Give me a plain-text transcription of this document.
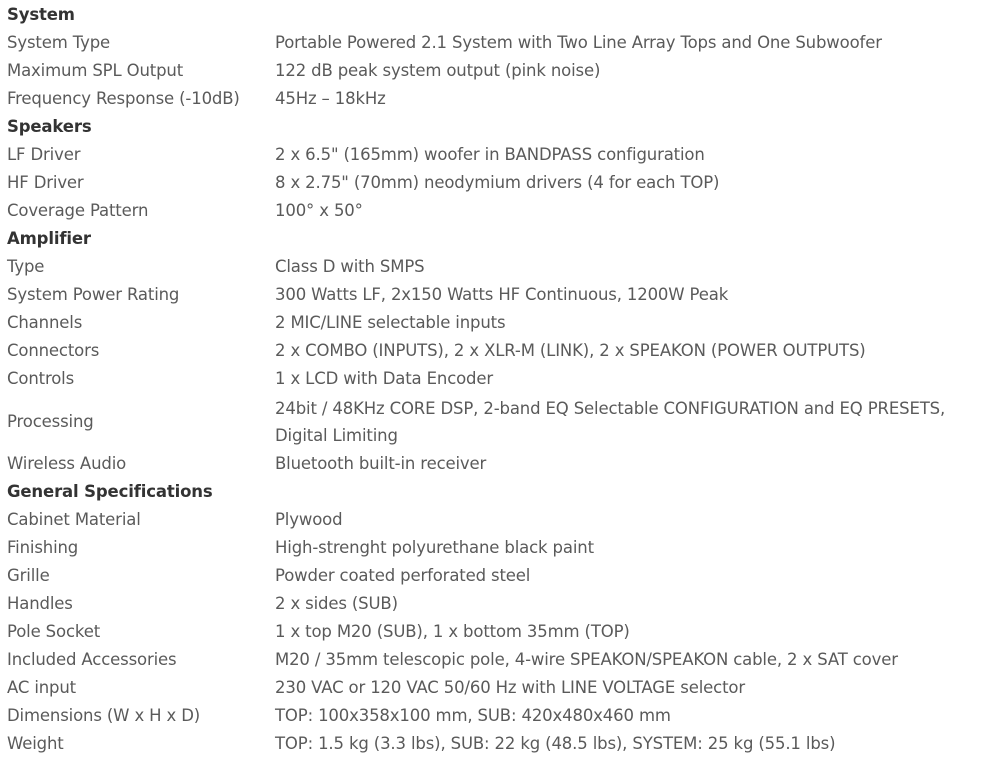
System	
System Type	Portable Powered 2.1 System with Two Line Array Tops and One Subwoofer
Maximum SPL Output	122 dB peak system output (pink noise)
Frequency Response (-10dB)	45Hz – 18kHz
Speakers	
LF Driver	2 x 6.5" (165mm) woofer in BANDPASS configuration
HF Driver	8 x 2.75" (70mm) neodymium drivers (4 for each TOP)
Coverage Pattern	100° x 50°
Amplifier	
Type	Class D with SMPS
System Power Rating	300 Watts LF, 2x150 Watts HF Continuous, 1200W Peak
Channels	2 MIC/LINE selectable inputs
Connectors	2 x COMBO (INPUTS), 2 x XLR-M (LINK), 2 x SPEAKON (POWER OUTPUTS)
Controls	1 x LCD with Data Encoder
Processing	24bit / 48KHz CORE DSP, 2-band EQ Selectable CONFIGURATION and EQ PRESETS,
Digital Limiting

Wireless Audio	Bluetooth built-in receiver
General Specifications	
Cabinet Material	Plywood
Finishing	High-strenght polyurethane black paint
Grille	Powder coated perforated steel
Handles	2 x sides (SUB)
Pole Socket	1 x top M20 (SUB), 1 x bottom 35mm (TOP)
Included Accessories	M20 / 35mm telescopic pole, 4-wire SPEAKON/SPEAKON cable, 2 x SAT cover
AC input	230 VAC or 120 VAC 50/60 Hz with LINE VOLTAGE selector
Dimensions (W x H x D)	TOP: 100x358x100 mm, SUB: 420x480x460 mm
Weight	TOP: 1.5 kg (3.3 lbs), SUB: 22 kg (48.5 lbs), SYSTEM: 25 kg (55.1 lbs)
